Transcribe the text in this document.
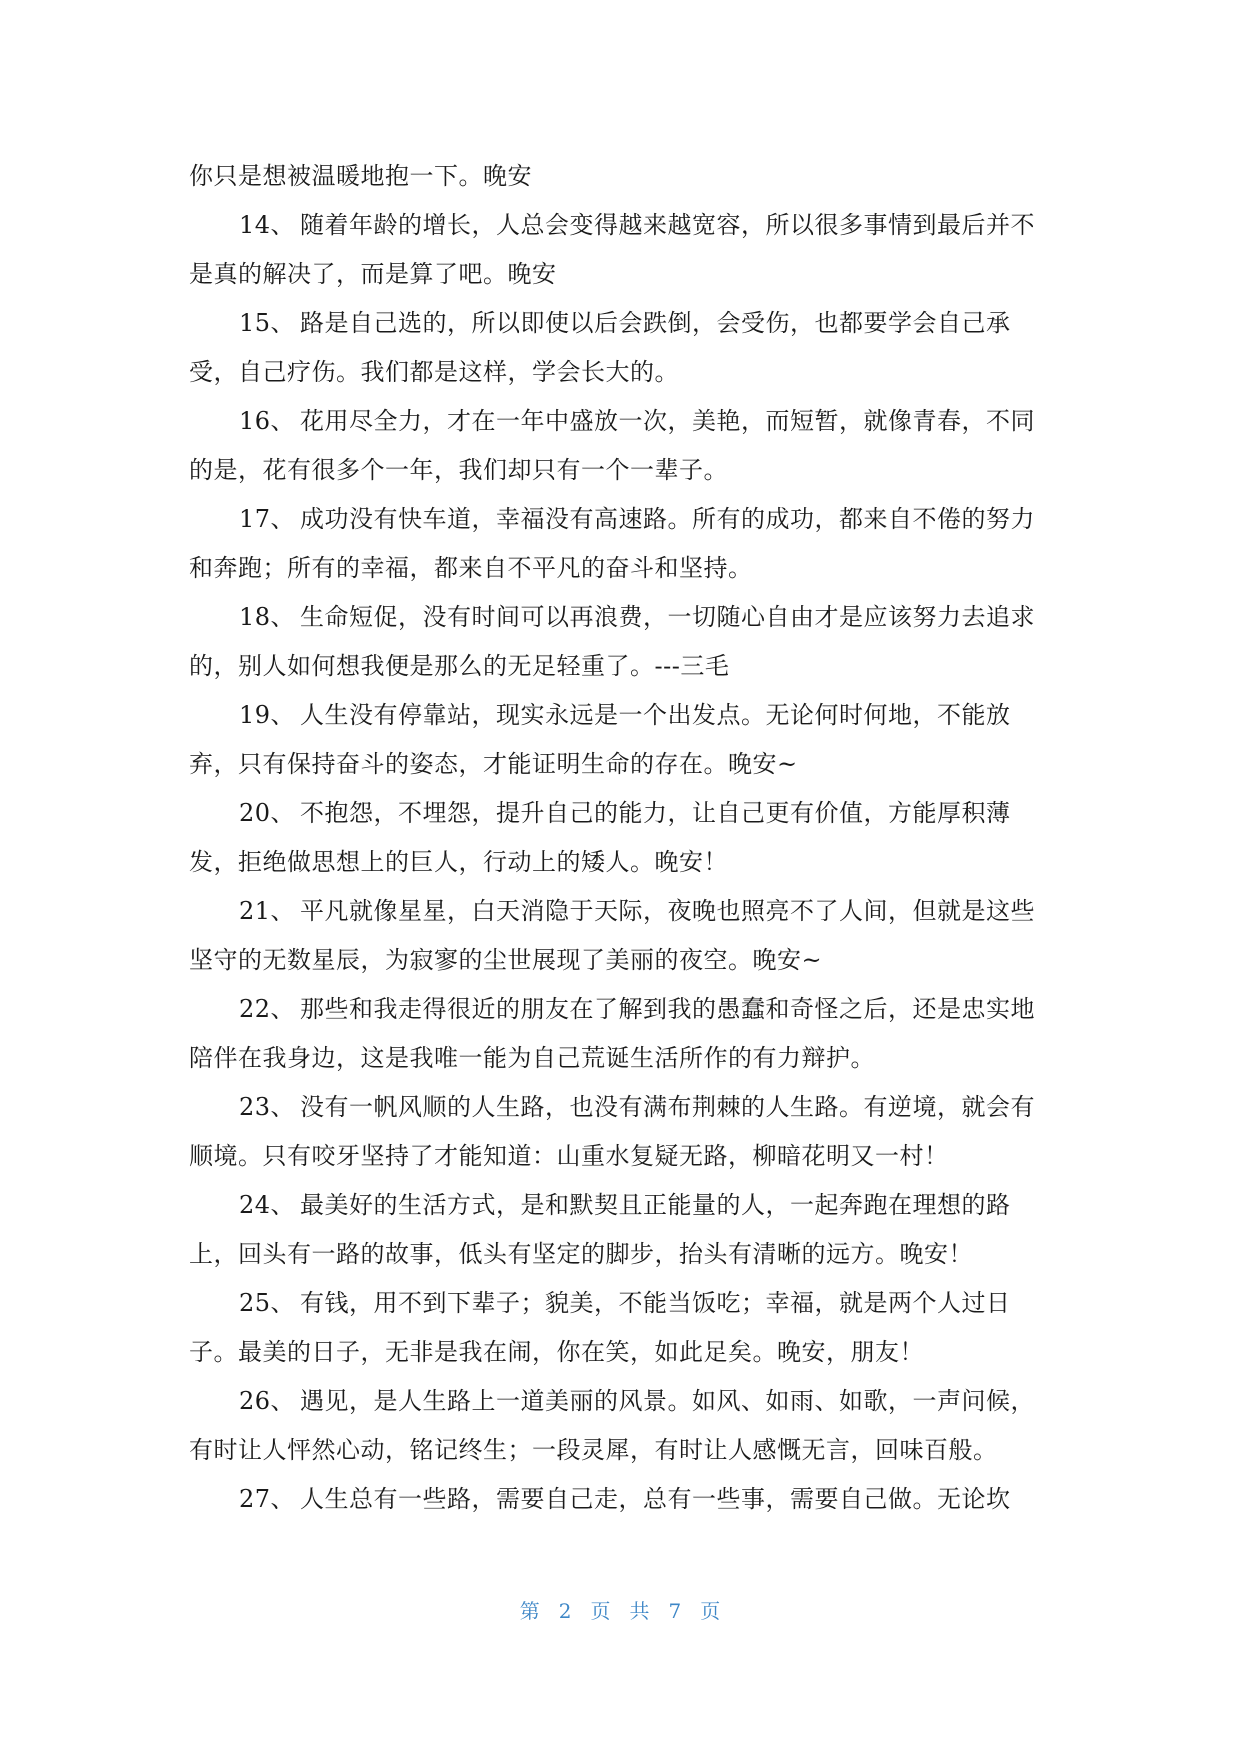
你只是想被温暖地抱一下。晚安
14、 随着年龄的增长，人总会变得越来越宽容，所以很多事情到最后并不
是真的解决了，而是算了吧。晚安
15、 路是自己选的，所以即使以后会跌倒，会受伤，也都要学会自己承
受，自己疗伤。我们都是这样，学会长大的。
16、 花用尽全力，才在一年中盛放一次，美艳，而短暂，就像青春，不同
的是，花有很多个一年，我们却只有一个一辈子。
17、 成功没有快车道，幸福没有高速路。所有的成功，都来自不倦的努力
和奔跑；所有的幸福，都来自不平凡的奋斗和坚持。
18、 生命短促，没有时间可以再浪费，一切随心自由才是应该努力去追求
的，别人如何想我便是那么的无足轻重了。---三毛
19、 人生没有停靠站，现实永远是一个出发点。无论何时何地，不能放
弃，只有保持奋斗的姿态，才能证明生命的存在。晚安~
20、 不抱怨，不埋怨，提升自己的能力，让自己更有价值，方能厚积薄
发，拒绝做思想上的巨人，行动上的矮人。晚安！
21、 平凡就像星星，白天消隐于天际，夜晚也照亮不了人间，但就是这些
坚守的无数星辰，为寂寥的尘世展现了美丽的夜空。晚安~
22、 那些和我走得很近的朋友在了解到我的愚蠢和奇怪之后，还是忠实地
陪伴在我身边，这是我唯一能为自己荒诞生活所作的有力辩护。
23、 没有一帆风顺的人生路，也没有满布荆棘的人生路。有逆境，就会有
顺境。只有咬牙坚持了才能知道：山重水复疑无路，柳暗花明又一村！
24、 最美好的生活方式，是和默契且正能量的人，一起奔跑在理想的路
上，回头有一路的故事，低头有坚定的脚步，抬头有清晰的远方。晚安！
25、 有钱，用不到下辈子；貌美，不能当饭吃；幸福，就是两个人过日
子。最美的日子，无非是我在闹，你在笑，如此足矣。晚安，朋友！
26、 遇见，是人生路上一道美丽的风景。如风、如雨、如歌，一声问候，
有时让人怦然心动，铭记终生；一段灵犀，有时让人感慨无言，回味百般。
27、 人生总有一些路，需要自己走，总有一些事，需要自己做。无论坎
第 2 页 共 7 页
